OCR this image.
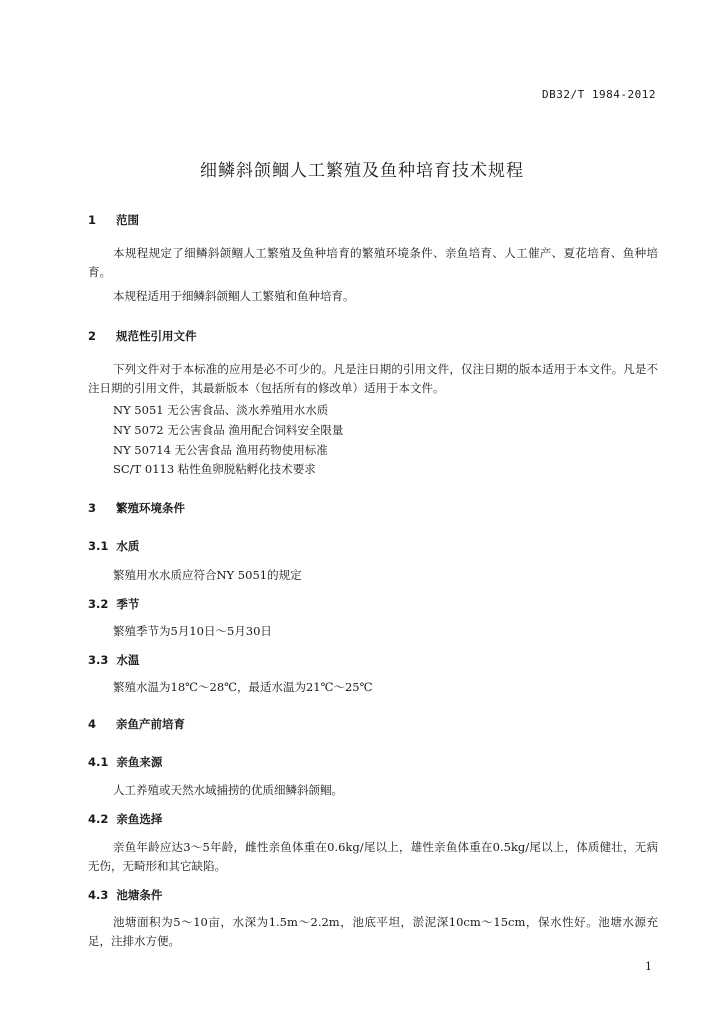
DB32/T 1984-2012
细鳞斜颌鲴人工繁殖及鱼种培育技术规程
1 范围
本规程规定了细鳞斜颌鲴人工繁殖及鱼种培育的繁殖环境条件、亲鱼培育、人工催产、夏花培育、鱼种培育。
本规程适用于细鳞斜颌鲴人工繁殖和鱼种培育。
2 规范性引用文件
下列文件对于本标准的应用是必不可少的。凡是注日期的引用文件，仅注日期的版本适用于本文件。凡是不注日期的引用文件，其最新版本（包括所有的修改单）适用于本文件。
NY 5051 无公害食品、淡水养殖用水水质
NY 5072 无公害食品 渔用配合饲料安全限量
NY 50714 无公害食品 渔用药物使用标准
SC/T 0113 粘性鱼卵脱粘孵化技术要求
3 繁殖环境条件
3.1 水质
繁殖用水水质应符合NY 5051的规定
3.2 季节
繁殖季节为5月10日～5月30日
3.3 水温
繁殖水温为18℃～28℃，最适水温为21℃～25℃
4 亲鱼产前培育
4.1 亲鱼来源
人工养殖或天然水域捕捞的优质细鳞斜颌鲴。
4.2 亲鱼选择
亲鱼年龄应达3～5年龄，雌性亲鱼体重在0.6kg/尾以上，雄性亲鱼体重在0.5kg/尾以上，体质健壮，无病无伤，无畸形和其它缺陷。
4.3 池塘条件
池塘面积为5～10亩，水深为1.5m～2.2m，池底平坦，淤泥深10cm～15cm，保水性好。池塘水源充足，注排水方便。
1
